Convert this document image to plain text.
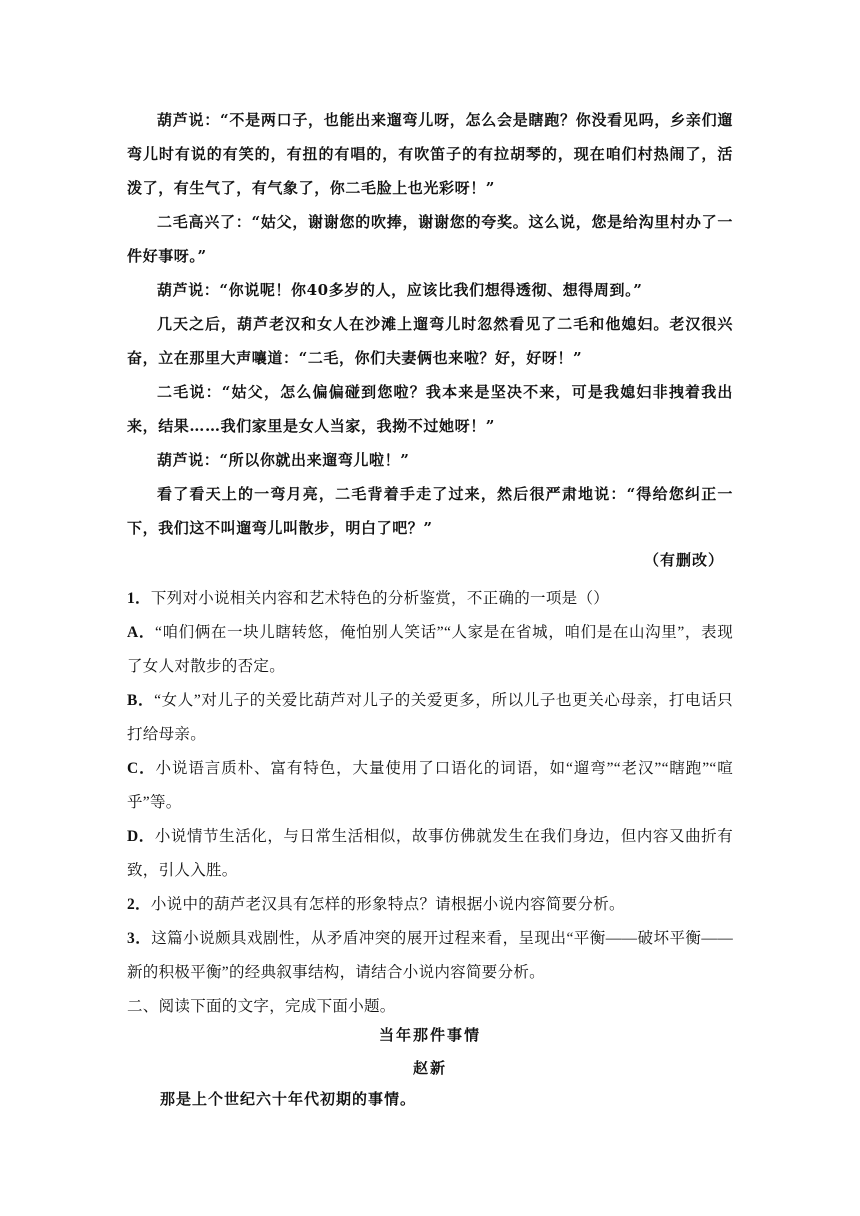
葫芦说：“不是两口子，也能出来遛弯儿呀，怎么会是瞎跑？你没看见吗，乡亲们遛弯儿时有说的有笑的，有扭的有唱的，有吹笛子的有拉胡琴的，现在咱们村热闹了，活泼了，有生气了，有气象了，你二毛脸上也光彩呀！”

二毛高兴了：“姑父，谢谢您的吹捧，谢谢您的夸奖。这么说，您是给沟里村办了一件好事呀。”

葫芦说：“你说呢！你40多岁的人，应该比我们想得透彻、想得周到。”

几天之后，葫芦老汉和女人在沙滩上遛弯儿时忽然看见了二毛和他媳妇。老汉很兴奋，立在那里大声嚷道：“二毛，你们夫妻俩也来啦？好，好呀！”

二毛说：“姑父，怎么偏偏碰到您啦？我本来是坚决不来，可是我媳妇非拽着我出来，结果……我们家里是女人当家，我拗不过她呀！”

葫芦说：“所以你就出来遛弯儿啦！”

看了看天上的一弯月亮，二毛背着手走了过来，然后很严肃地说：“得给您纠正一下，我们这不叫遛弯儿叫散步，明白了吧？”

（有删改）

1．下列对小说相关内容和艺术特色的分析鉴赏，不正确的一项是（）

A．“咱们俩在一块儿瞎转悠，俺怕别人笑话”“人家是在省城，咱们是在山沟里”，表现了女人对散步的否定。

B．“女人”对儿子的关爱比葫芦对儿子的关爱更多，所以儿子也更关心母亲，打电话只打给母亲。

C．小说语言质朴、富有特色，大量使用了口语化的词语，如“遛弯”“老汉”“瞎跑”“喧乎”等。

D．小说情节生活化，与日常生活相似，故事仿佛就发生在我们身边，但内容又曲折有致，引人入胜。

2．小说中的葫芦老汉具有怎样的形象特点？请根据小说内容简要分析。

3．这篇小说颇具戏剧性，从矛盾冲突的展开过程来看，呈现出“平衡——破坏平衡——新的积极平衡”的经典叙事结构，请结合小说内容简要分析。

二、阅读下面的文字，完成下面小题。

当年那件事情
赵新
那是上个世纪六十年代初期的事情。
